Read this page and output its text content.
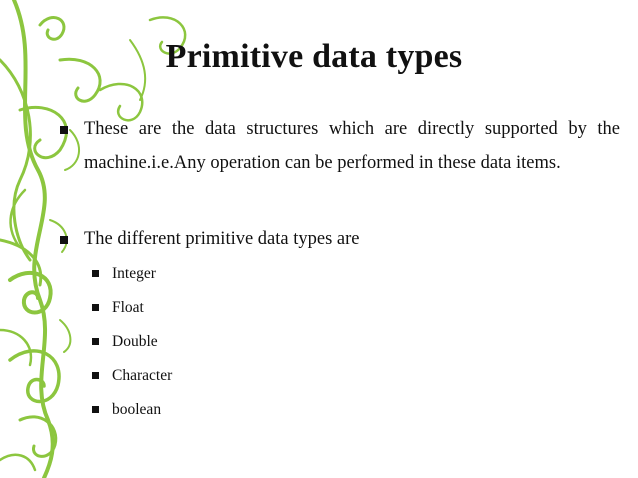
Primitive data types
These are the data structures which are directly supported by the machine.i.e.Any operation can be performed in these data items.
The different primitive data types are
Integer
Float
Double
Character
boolean
